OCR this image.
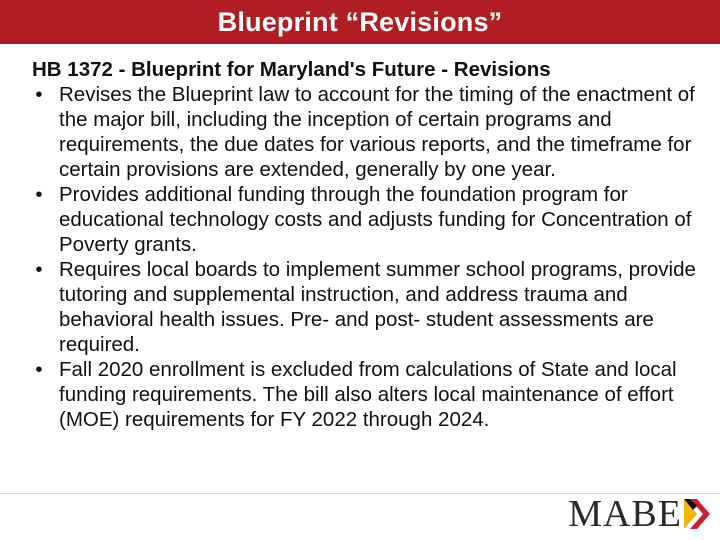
Blueprint “Revisions”

HB 1372 - Blueprint for Maryland's Future - Revisions

• Revises the Blueprint law to account for the timing of the enactment of the major bill, including the inception of certain programs and requirements, the due dates for various reports, and the timeframe for certain provisions are extended, generally by one year.
• Provides additional funding through the foundation program for educational technology costs and adjusts funding for Concentration of Poverty grants.
• Requires local boards to implement summer school programs, provide tutoring and supplemental instruction, and address trauma and behavioral health issues. Pre- and post- student assessments are required.
• Fall 2020 enrollment is excluded from calculations of State and local funding requirements. The bill also alters local maintenance of effort (MOE) requirements for FY 2022 through 2024.
MABE
